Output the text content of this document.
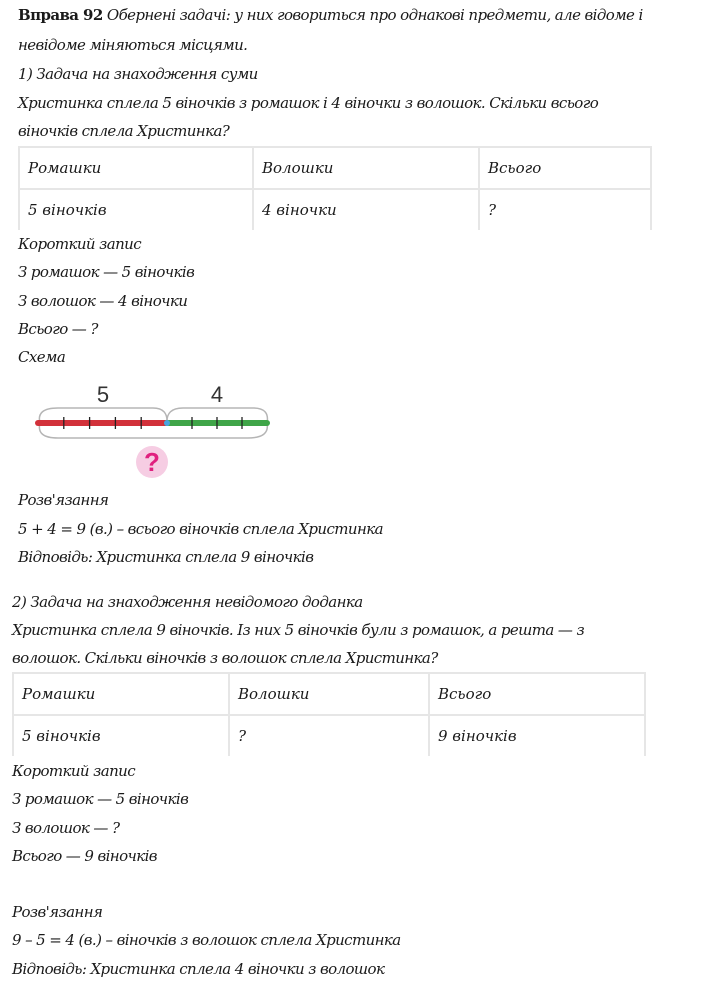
Вправа 92 Обернені задачі: у них говориться про однакові предмети, але відоме і
невідоме міняються місцями.
1) Задача на знаходження суми
Христинка сплела 5 віночків з ромашок і 4 віночки з волошок. Скільки всього
віночків сплела Христинка?
Ромашки	Волошки	Всього
5 віночків	4 віночки	?
Короткий запис
З ромашок — 5 віночків
З волошок — 4 віночки
Всього — ?
Схема
5	4
?
Розв'язання
5 + 4 = 9 (в.) – всього віночків сплела Христинка
Відповідь: Христинка сплела 9 віночків
2) Задача на знаходження невідомого доданка
Христинка сплела 9 віночків. Із них 5 віночків були з ромашок, а решта — з
волошок. Скільки віночків з волошок сплела Христинка?
Ромашки	Волошки	Всього
5 віночків	?	9 віночків
Короткий запис
З ромашок — 5 віночків
З волошок — ?
Всього — 9 віночків
Розв'язання
9 – 5 = 4 (в.) – віночків з волошок сплела Христинка
Відповідь: Христинка сплела 4 віночки з волошок
